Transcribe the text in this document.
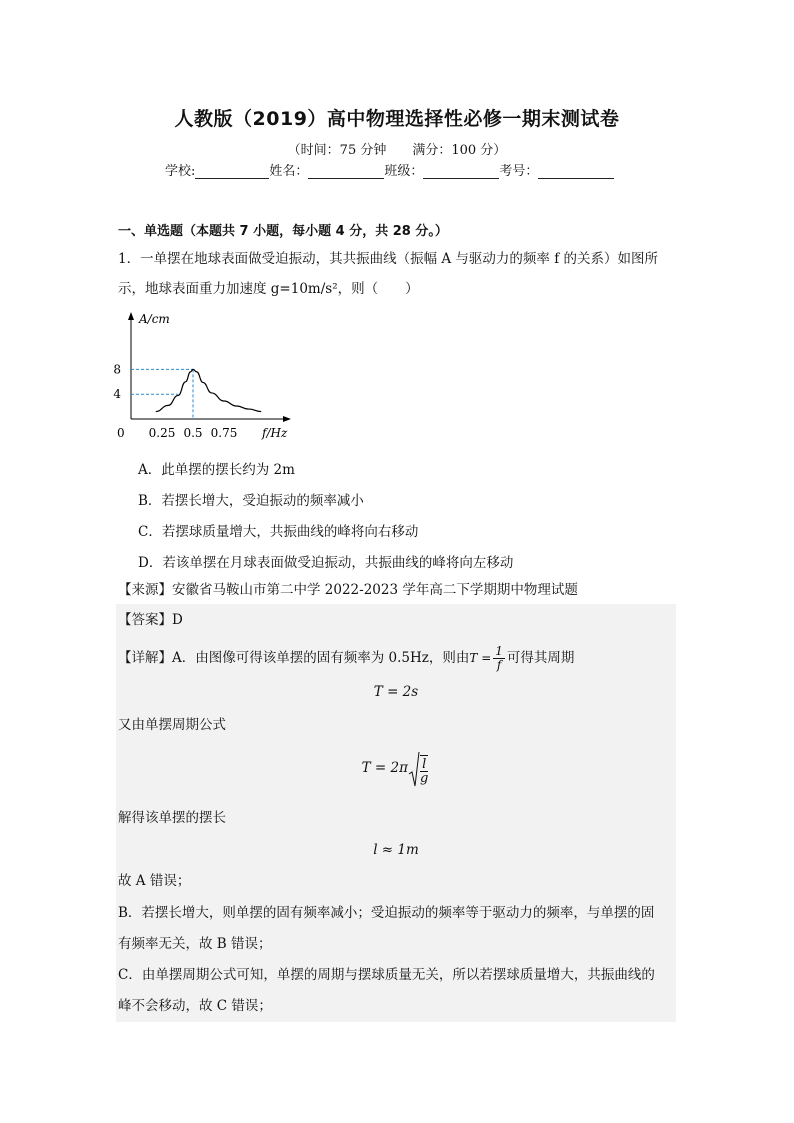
人教版（2019）高中物理选择性必修一期末测试卷
（时间：75 分钟 满分：100 分）
学校:	姓名：	班级：	考号：
一、单选题（本题共 7 小题，每小题 4 分，共 28 分。）
1．一单摆在地球表面做受迫振动，其共振曲线（振幅 A 与驱动力的频率 f 的关系）如图所
示，地球表面重力加速度 g=10m/s²，则（　　）
A/cm
f/Hz
0 0.25 0.5 0.75
4
8
A．此单摆的摆长约为 2m
B．若摆长增大，受迫振动的频率减小
C．若摆球质量增大，共振曲线的峰将向右移动
D．若该单摆在月球表面做受迫振动，共振曲线的峰将向左移动
【来源】安徽省马鞍山市第二中学 2022-2023 学年高二下学期期中物理试题
【答案】D
【详解】A．由图像可得该单摆的固有频率为 0.5Hz，则由$T = \frac{1}{f}$ 可得其周期
T = 2s
又由单摆周期公式
$T = 2\pi \frac{l}{g}$
解得该单摆的摆长
l ≈ 1m
故 A 错误；
B．若摆长增大，则单摆的固有频率减小；受迫振动的频率等于驱动力的频率，与单摆的固
有频率无关，故 B 错误；
C．由单摆周期公式可知，单摆的周期与摆球质量无关，所以若摆球质量增大，共振曲线的
峰不会移动，故 C 错误；
